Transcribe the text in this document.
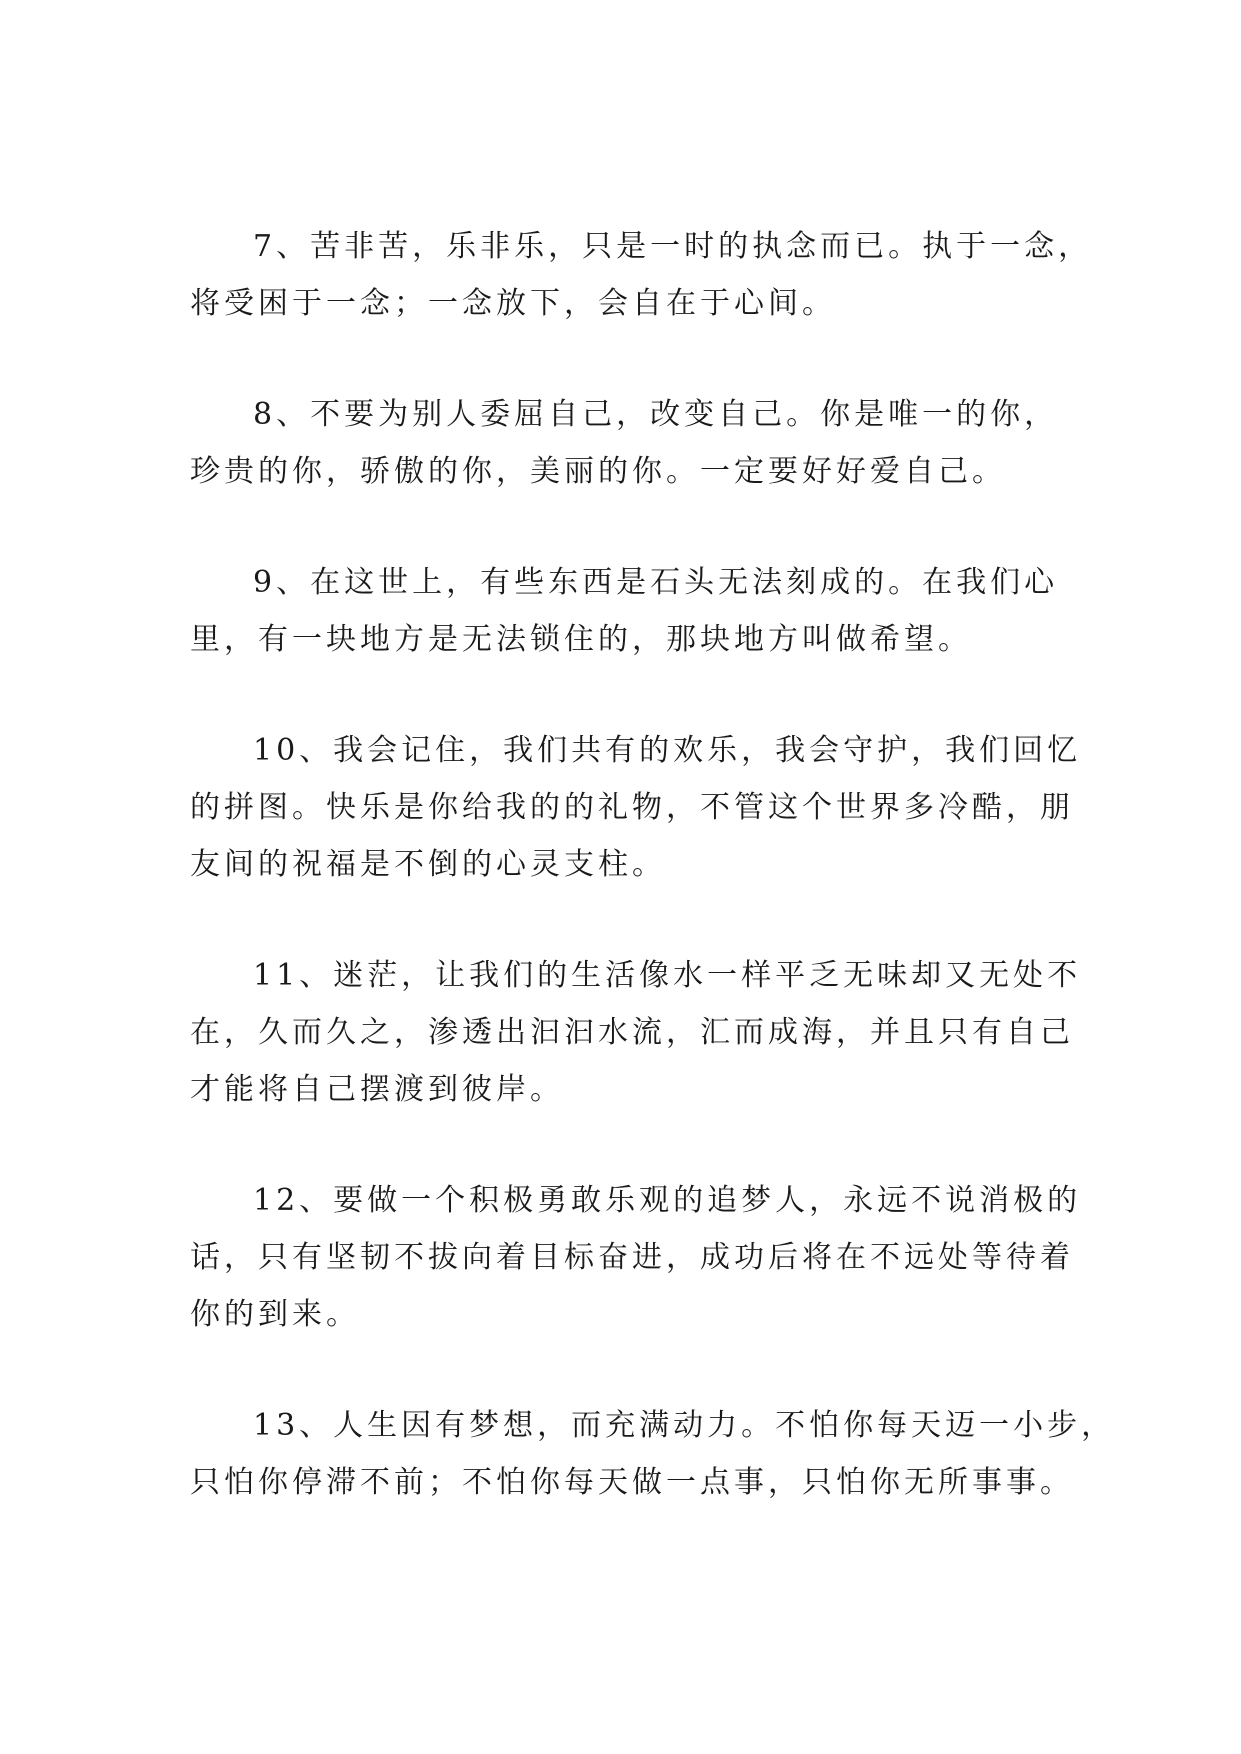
7、苦非苦，乐非乐，只是一时的执念而已。执于一念，
将受困于一念；一念放下，会自在于心间。

8、不要为别人委屈自己，改变自己。你是唯一的你，
珍贵的你，骄傲的你，美丽的你。一定要好好爱自己。

9、在这世上，有些东西是石头无法刻成的。在我们心
里，有一块地方是无法锁住的，那块地方叫做希望。

10、我会记住，我们共有的欢乐，我会守护，我们回忆
的拼图。快乐是你给我的的礼物，不管这个世界多冷酷，朋
友间的祝福是不倒的心灵支柱。

11、迷茫，让我们的生活像水一样平乏无味却又无处不
在，久而久之，渗透出汩汩水流，汇而成海，并且只有自己
才能将自己摆渡到彼岸。

12、要做一个积极勇敢乐观的追梦人，永远不说消极的
话，只有坚韧不拔向着目标奋进，成功后将在不远处等待着
你的到来。

13、人生因有梦想，而充满动力。不怕你每天迈一小步，
只怕你停滞不前；不怕你每天做一点事，只怕你无所事事。
